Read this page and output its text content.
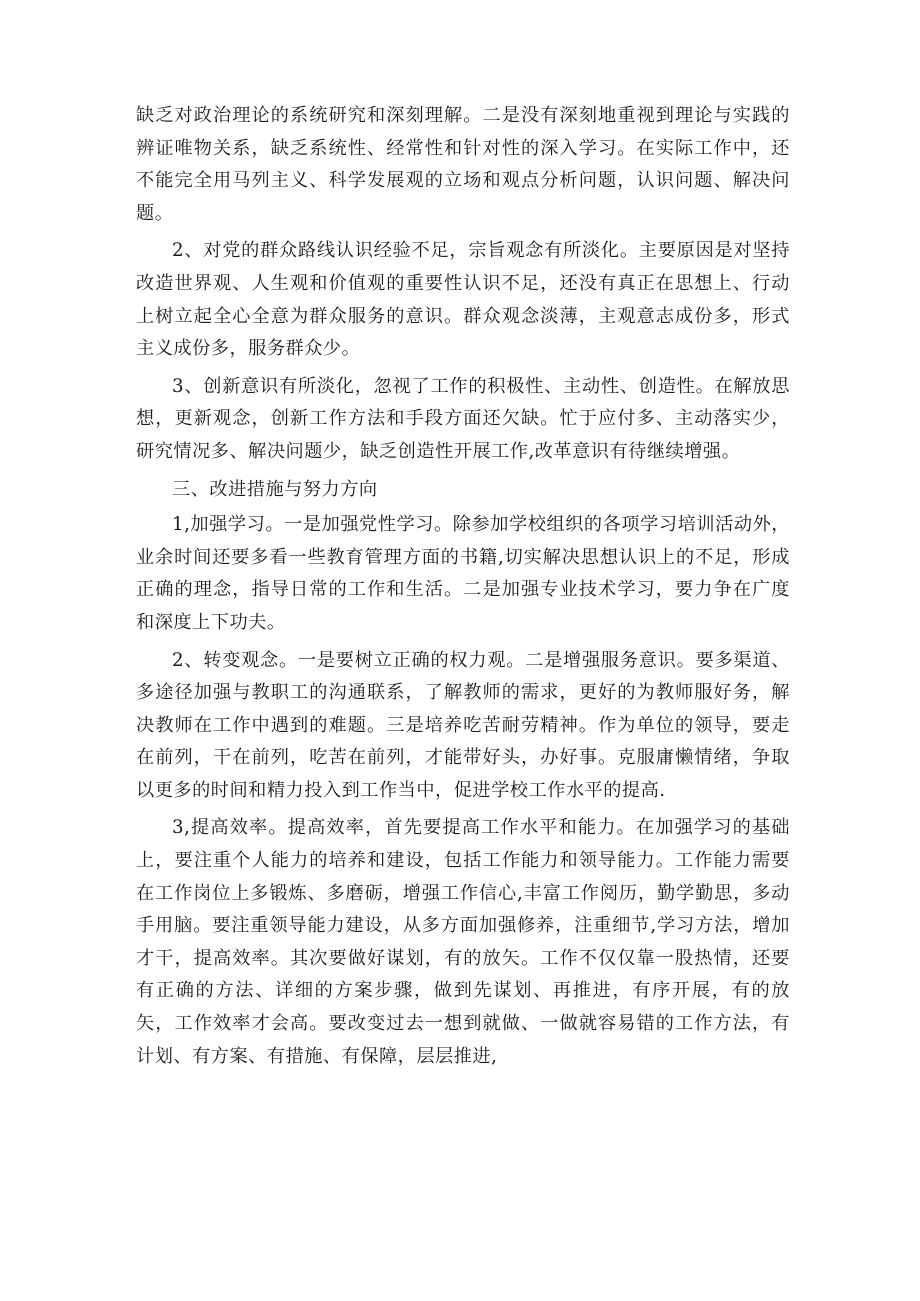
缺乏对政治理论的系统研究和深刻理解。二是没有深刻地重视到理论与实践的辨证唯物关系，缺乏系统性、经常性和针对性的深入学习。在实际工作中，还不能完全用马列主义、科学发展观的立场和观点分析问题，认识问题、解决问题。

2、对党的群众路线认识经验不足，宗旨观念有所淡化。主要原因是对坚持改造世界观、人生观和价值观的重要性认识不足，还没有真正在思想上、行动上树立起全心全意为群众服务的意识。群众观念淡薄，主观意志成份多，形式主义成份多，服务群众少。

3、创新意识有所淡化，忽视了工作的积极性、主动性、创造性。在解放思想，更新观念，创新工作方法和手段方面还欠缺。忙于应付多、主动落实少，研究情况多、解决问题少，缺乏创造性开展工作,改革意识有待继续增强。

三、改进措施与努力方向

1,加强学习。一是加强党性学习。除参加学校组织的各项学习培训活动外，业余时间还要多看一些教育管理方面的书籍,切实解决思想认识上的不足，形成正确的理念，指导日常的工作和生活。二是加强专业技术学习，要力争在广度和深度上下功夫。

2、转变观念。一是要树立正确的权力观。二是增强服务意识。要多渠道、多途径加强与教职工的沟通联系，了解教师的需求，更好的为教师服好务，解决教师在工作中遇到的难题。三是培养吃苦耐劳精神。作为单位的领导，要走在前列，干在前列，吃苦在前列，才能带好头，办好事。克服庸懒情绪，争取以更多的时间和精力投入到工作当中，促进学校工作水平的提高.

3,提高效率。提高效率，首先要提高工作水平和能力。在加强学习的基础上，要注重个人能力的培养和建设，包括工作能力和领导能力。工作能力需要在工作岗位上多锻炼、多磨砺，增强工作信心,丰富工作阅历，勤学勤思，多动手用脑。要注重领导能力建设，从多方面加强修养，注重细节,学习方法，增加才干，提高效率。其次要做好谋划，有的放矢。工作不仅仅靠一股热情，还要有正确的方法、详细的方案步骤，做到先谋划、再推进，有序开展，有的放矢，工作效率才会高。要改变过去一想到就做、一做就容易错的工作方法，有计划、有方案、有措施、有保障，层层推进,
